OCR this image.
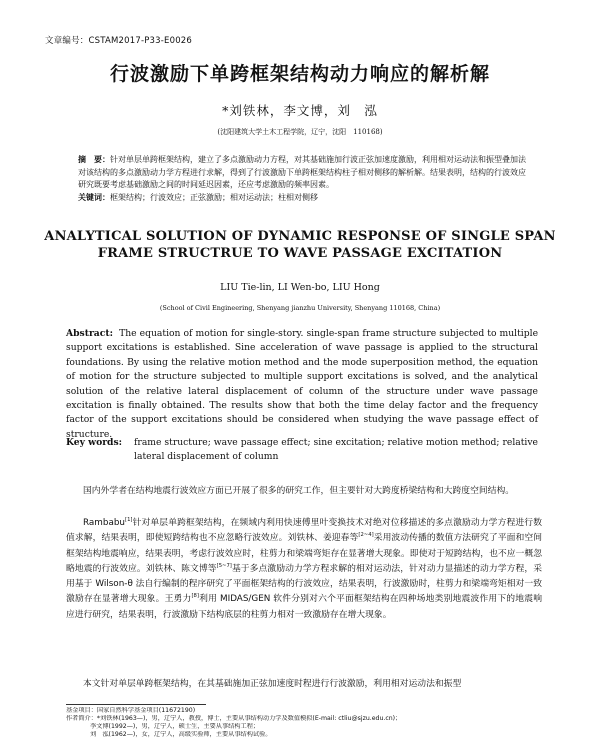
文章编号：CSTAM2017-P33-E0026
行波激励下单跨框架结构动力响应的解析解
*刘铁林，李文博，刘　泓
(沈阳建筑大学土木工程学院，辽宁，沈阳　110168)
摘　要：针对单层单跨框架结构，建立了多点激励动力方程，对其基础施加行波正弦加速度激励，利用相对运动法和振型叠加法对该结构的多点激励动力学方程进行求解，得到了行波激励下单跨框架结构柱子相对侧移的解析解。结果表明，结构的行波效应研究既要考虑基础激励之间的时间延迟因素，还应考虑激励的频率因素。
关键词：框架结构；行波效应；正弦激励；相对运动法；柱相对侧移
ANALYTICAL SOLUTION OF DYNAMIC RESPONSE OF SINGLE SPAN
FRAME STRUCTRUE TO WAVE PASSAGE EXCITATION
LIU Tie-lin, LI Wen-bo, LIU Hong
(School of Civil Engineering, Shenyang jianzhu University, Shenyang 110168, China)
Abstract: The equation of motion for single-story. single-span frame structure subjected to multiple support excitations is established. Sine acceleration of wave passage is applied to the structural foundations. By using the relative motion method and the mode superposition method, the equation of motion for the structure subjected to multiple support excitations is solved, and the analytical solution of the relative lateral displacement of column of the structure under wave passage excitation is finally obtained. The results show that both the time delay factor and the frequency factor of the support excitations should be considered when studying the wave passage effect of structure.
Key words: frame structure; wave passage effect; sine excitation; relative motion method; relative lateral displacement of column

国内外学者在结构地震行波效应方面已开展了很多的研究工作，但主要针对大跨度桥梁结构和大跨度空间结构。

Rambabu[1]针对单层单跨框架结构，在频域内利用快速傅里叶变换技术对绝对位移描述的多点激励动力学方程进行数值求解，结果表明，即使短跨结构也不应忽略行波效应。刘铁林、姜迎春等[2~4]采用波动传播的数值方法研究了平面和空间框架结构地震响应，结果表明，考虑行波效应时，柱剪力和梁端弯矩存在显著增大现象。即使对于短跨结构，也不应一概忽略地震的行波效应。刘铁林、陈文博等[5~7]基于多点激励动力学方程求解的相对运动法，针对动力显描述的动力学方程，采用基于 Wilson-θ 法自行编制的程序研究了平面框架结构的行波效应，结果表明，行波激励时，柱剪力和梁端弯矩相对一致激励存在显著增大现象。王勇力[8]利用 MIDAS/GEN 软件分别对六个平面框架结构在四种场地类别地震波作用下的地震响应进行研究，结果表明，行波激励下结构底层的柱剪力相对一致激励存在增大现象。

本文针对单层单跨框架结构，在其基础施加正弦加速度时程进行行波激励，利用相对运动法和振型

基金项目：国家自然科学基金项目(11672190)
作者简介：*刘铁林(1963—)，男，辽宁人，教授，博士，主要从事结构动力学及数值模拟(E-mail: ctliu@sjzu.edu.cn)；
李文博(1992—)，男，辽宁人，硕士生，主要从事结构工程；
刘　泓(1962—)，女，辽宁人，高级实验师，主要从事结构试验。
